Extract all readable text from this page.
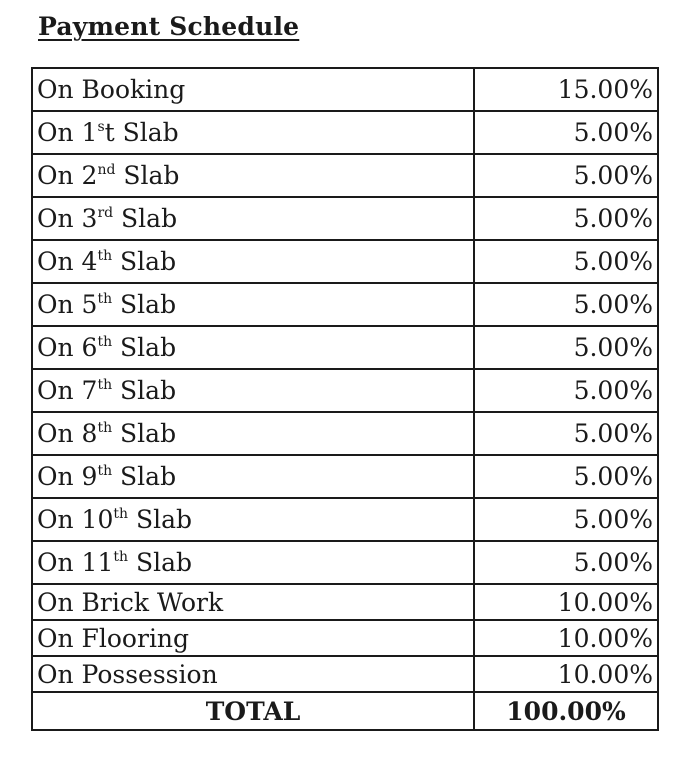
Payment Schedule
On Booking	15.00%
On 1$^s$t Slab	5.00%
On 2nd Slab	5.00%
On 3rd Slab	5.00%
On 4th Slab	5.00%
On 5th Slab	5.00%
On 6th Slab	5.00%
On 7th Slab	5.00%
On 8th Slab	5.00%
On 9th Slab	5.00%
On 10th Slab	5.00%
On 11th Slab	5.00%
On Brick Work	10.00%
On Flooring	10.00%
On Possession	10.00%
TOTAL	100.00%
